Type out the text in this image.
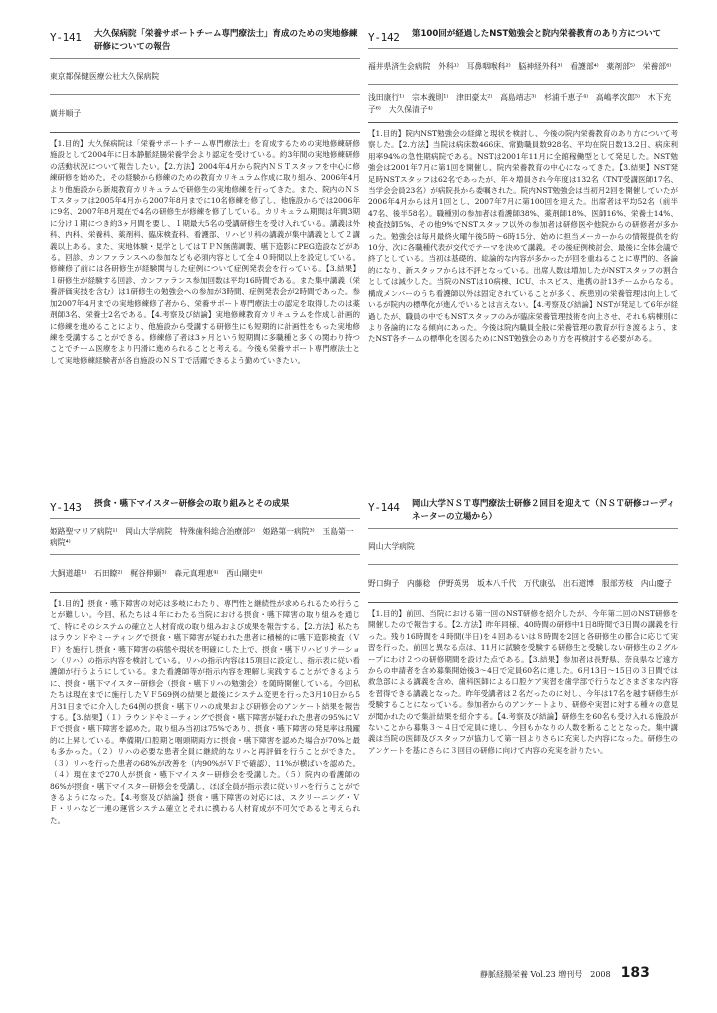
Y-141	大久保病院「栄養サポートチーム専門療法士」育成のための実地修練研修についての報告
東京都保健医療公社大久保病院
廣井順子

【1.目的】大久保病院は「栄養サポートチーム専門療法士」を育成するための実地修練研修施設として2004年に日本静脈経腸栄養学会より認定を受けている。約3年間の実地修練研修の活動状況について報告したい。【2.方法】2004年4月から院内ＮＳＴスタッフを中心に修練研修を始めた。その経験から修練のための教育カリキュラム作成に取り組み、2006年4月より他施設から新規教育カリキュラムで研修生の実地修練を行ってきた。また、院内のＮＳＴスタッフは2005年4月から2007年8月までに10名修練を修了し、他施設からでは2006年に9名、2007年8月現在で4名の研修生が修練を修了している。カリキュラム期間は年間3期に分け１期につき約3ヶ月間を要し、１期最大5名の受講研修生を受け入れている。講義は外科、内科、栄養科、薬剤科、臨床検査科、看護部、リハビリ科の講義が集中講義として２講義以上ある。また、実地体験・見学としてはＴＰＮ無菌調製、嚥下造影にPEG造設などがある。回診、カンファランスへの参加なども必須内容として全４０時間以上を設定している。修練修了前には各研修生が経験関与した症例について症例発表会を行っている。【3.結果】１研修生が経験する回診、カンファランス参加回数は平均16時間である。また集中講義（栄養評価実技を含む）は1研修生の勉強会への参加が3時間、症例発表会が2時間であった。参加2007年4月までの実地修練修了者から、栄養サポート専門療法士の認定を取得したのは薬剤師3名、栄養士2名である。【4.考察及び結論】実地修練教育カリキュラムを作成し計画的に修練を進めることにより、他施設から受講する研修生にも短期的に計画性をもった実地修練を受講することができる。修練修了者は3ヶ月という短期間に多職種と多くの関わり持つことでチーム医療をより円滑に進められることと考える。今後も栄養サポート専門療法士として実地修練経験者が各自施設のＮＳＴで活躍できるよう勤めていきたい。

Y-142	第100回が経過したNST勉強会と院内栄養教育のあり方について
福井県済生会病院　外科¹⁾　耳鼻咽喉科²⁾　脳神経外科³⁾　看護部⁴⁾　薬剤部⁵⁾　栄養部⁶⁾
浅田康行¹⁾　宗本義則¹⁾　津田豪太²⁾　高島靖志³⁾　杉浦千恵子⁴⁾　高嶋孝次郎⁵⁾　木下充子⁶⁾　大久保清子⁴⁾

【1.目的】院内NST勉強会の経緯と現状を検討し、今後の院内栄養教育のあり方について考察した。【2.方法】当院は病床数466床、常勤職員数928名、平均在院日数13.2日、病床利用率94%の急性期病院である。NSTは2001年11月に全館稼働型として発足した。NST勉強会は2001年7月に第1回を開催し、院内栄養教育の中心になってきた。【3.結果】NST発足時NSTスタッフは62名であったが、年々増員され今年度は132名（TNT受講医師17名、当学会会員23名）が病院長から委嘱された。院内NST勉強会は当初月2回を開催していたが2006年4月からは月1回とし、2007年7月に第100回を迎えた。出席者は平均52名（前半47名、後半58名）。職種別の参加者は看護師38%、薬剤師18%、医師16%、栄養士14%、検査技師5%、その他9%でNSTスタッフ以外の参加者は研修医や他院からの研修者が多かった。勉強会は毎月最終火曜午後5時～6時15分、始めに担当メーカーからの情報提供を約10分、次に各職種代表が交代でテーマを決めて講義。その後症例検討会、最後に全体会議で終了としている。当初は基礎的、総論的な内容が多かったが回を重ねることに専門的、各論的になり、新スタッフからは不評となっている。出席人数は増加したがNSTスタッフの割合としては減少した。当院のNSTは10病棟、ICU、ホスピス、進携の計13チームからなる。構成メンバーのうち看護師以外は固定されていることが多く、疾患別の栄養管理は向上しているが院内の標準化が進んでいるとは言えない。【4.考察及び結論】NSTが発足して6年が経過したが、職員の中でもNSTスタッフのみが臨床栄養管理技術を向上させ、それも病棟別により各論的になる傾向にあった。今後は院内職員全般に栄養管理の教育が行き渡るよう、またNST各チームの標準化を図るためにNST勉強会のあり方を再検討する必要がある。

Y-143	摂食・嚥下マイスター研修会の取り組みとその成果
姫路聖マリア病院¹⁾　岡山大学病院　特殊歯科総合治療部²⁾　姫路第一病院³⁾　玉島第一病院⁴⁾
大飼道雄¹⁾　石田瞭²⁾　梶谷伸顕³⁾　森元真理恵⁴⁾　西山剛史⁴⁾

【1.目的】摂食・嚥下障害の対応は多岐にわたり、専門性と継続性が求められるため行うことが難しい。今回、私たちは４年にわたる当院における摂食・嚥下障害の取り組みを通じて、特にそのシステムの確立と人材育成の取り組みおよび成果を報告する。【2.方法】私たちはラウンドやミーティングで摂食・嚥下障害が疑われた患者に積極的に嚥下造影検査（ＶＦ）を施行し摂食・嚥下障害の病態や現状を明確にした上で、摂食・嚥下リハビリテーション（リハ）の指示内容を検討している。リハの指示内容は15項目に設定し、指示表に従い看護師が行うようにしている。また看護師等が指示内容を理解し実践することができるように、摂食・嚥下マイスター研修会（摂食・嚥下リハの勉強会）を随時開催している。今回私たちは現在までに施行したＶＦ569例の結果と最後にシステム変更を行った3月10日から5月31日までに介入した64例の摂食・嚥下リハの成果および研修会のアンケート結果を報告する。【3.結果】（１）ラウンドやミーティングで摂食・嚥下障害が疑われた患者の95%にＶＦで摂食・嚥下障害を認めた。取り組み当初は75%であり、摂食・嚥下障害の発見率は飛躍的に上昇している。準備期/口腔期と咽頭期両方に摂食・嚥下障害を認めた場合が70%と最も多かった。（２）リハの必要な患者全員に継続的なリハと再評価を行うことができた。（３）リハを行った患者の68%が改善を（内90%がＶＦで確認）、11%が横ばいを認めた。（４）現在まで270人が摂食・嚥下マイスター研修会を受講した。（５）院内の看護師の86%が摂食・嚥下マイスター研修会を受講し、ほぼ全員が指示表に従いリハを行うことができるようになった。【4.考察及び結論】摂食・嚥下障害の対応には、スクリーニング・ＶＦ・リハなど一連の運営システム確立とそれに携わる人材育成が不可欠であると考えられた。

Y-144	岡山大学ＮＳＴ専門療法士研修２回目を迎えて（ＮＳＴ研修コーディネーターの立場から）
岡山大学病院
野口絢子　内藤稔　伊野英男　坂本八千代　万代康弘　出石道博　服部芳枝　内山慶子

【1.目的】前回、当院における第一回のNST研修を紹介したが、今年第二回のNST研修を開催したので報告する。【2.方法】昨年同様、40時間の研修中1日8時間で3日間の講義を行った。残り16時間を４時間(半日)を４回あるいは８時間を2回と各研修生の都合に応じて実習を行った。前回と異なる点は、11月に試験を受験する研修生と受験しない研修生の２グループにわけ２つの研修期間を設けた点である。【3.結果】参加者は長野県、奈良県など遠方からの申請者を含め募集開始後3～4日で定員60名に達した。6月13日～15日の３日間では救急部による講義を含め、歯科医師による口腔ケア実習を歯学部で行うなどさまざまな内容を習得できる講義となった。昨年受講者は２名だったのに対し、今年は17名を越す研修生が受験することになっている。参加者からのアンケートより、研修や実習に対する種々の意見が聞かれたので集計結果を紹介する。【4.考察及び結論】研修生を60名も受け入れる施設がないことから募集３～４日で定員に達し、今回もかなりの人数を断ることとなった。集中講義は当院の医師及びスタッフが協力して第一回よりさらに充実した内容になった。研修生のアンケートを基にさらに３回目の研修に向けて内容の充実を計りたい。

静脈経腸栄養 Vol.23 増刊号　2008 183
